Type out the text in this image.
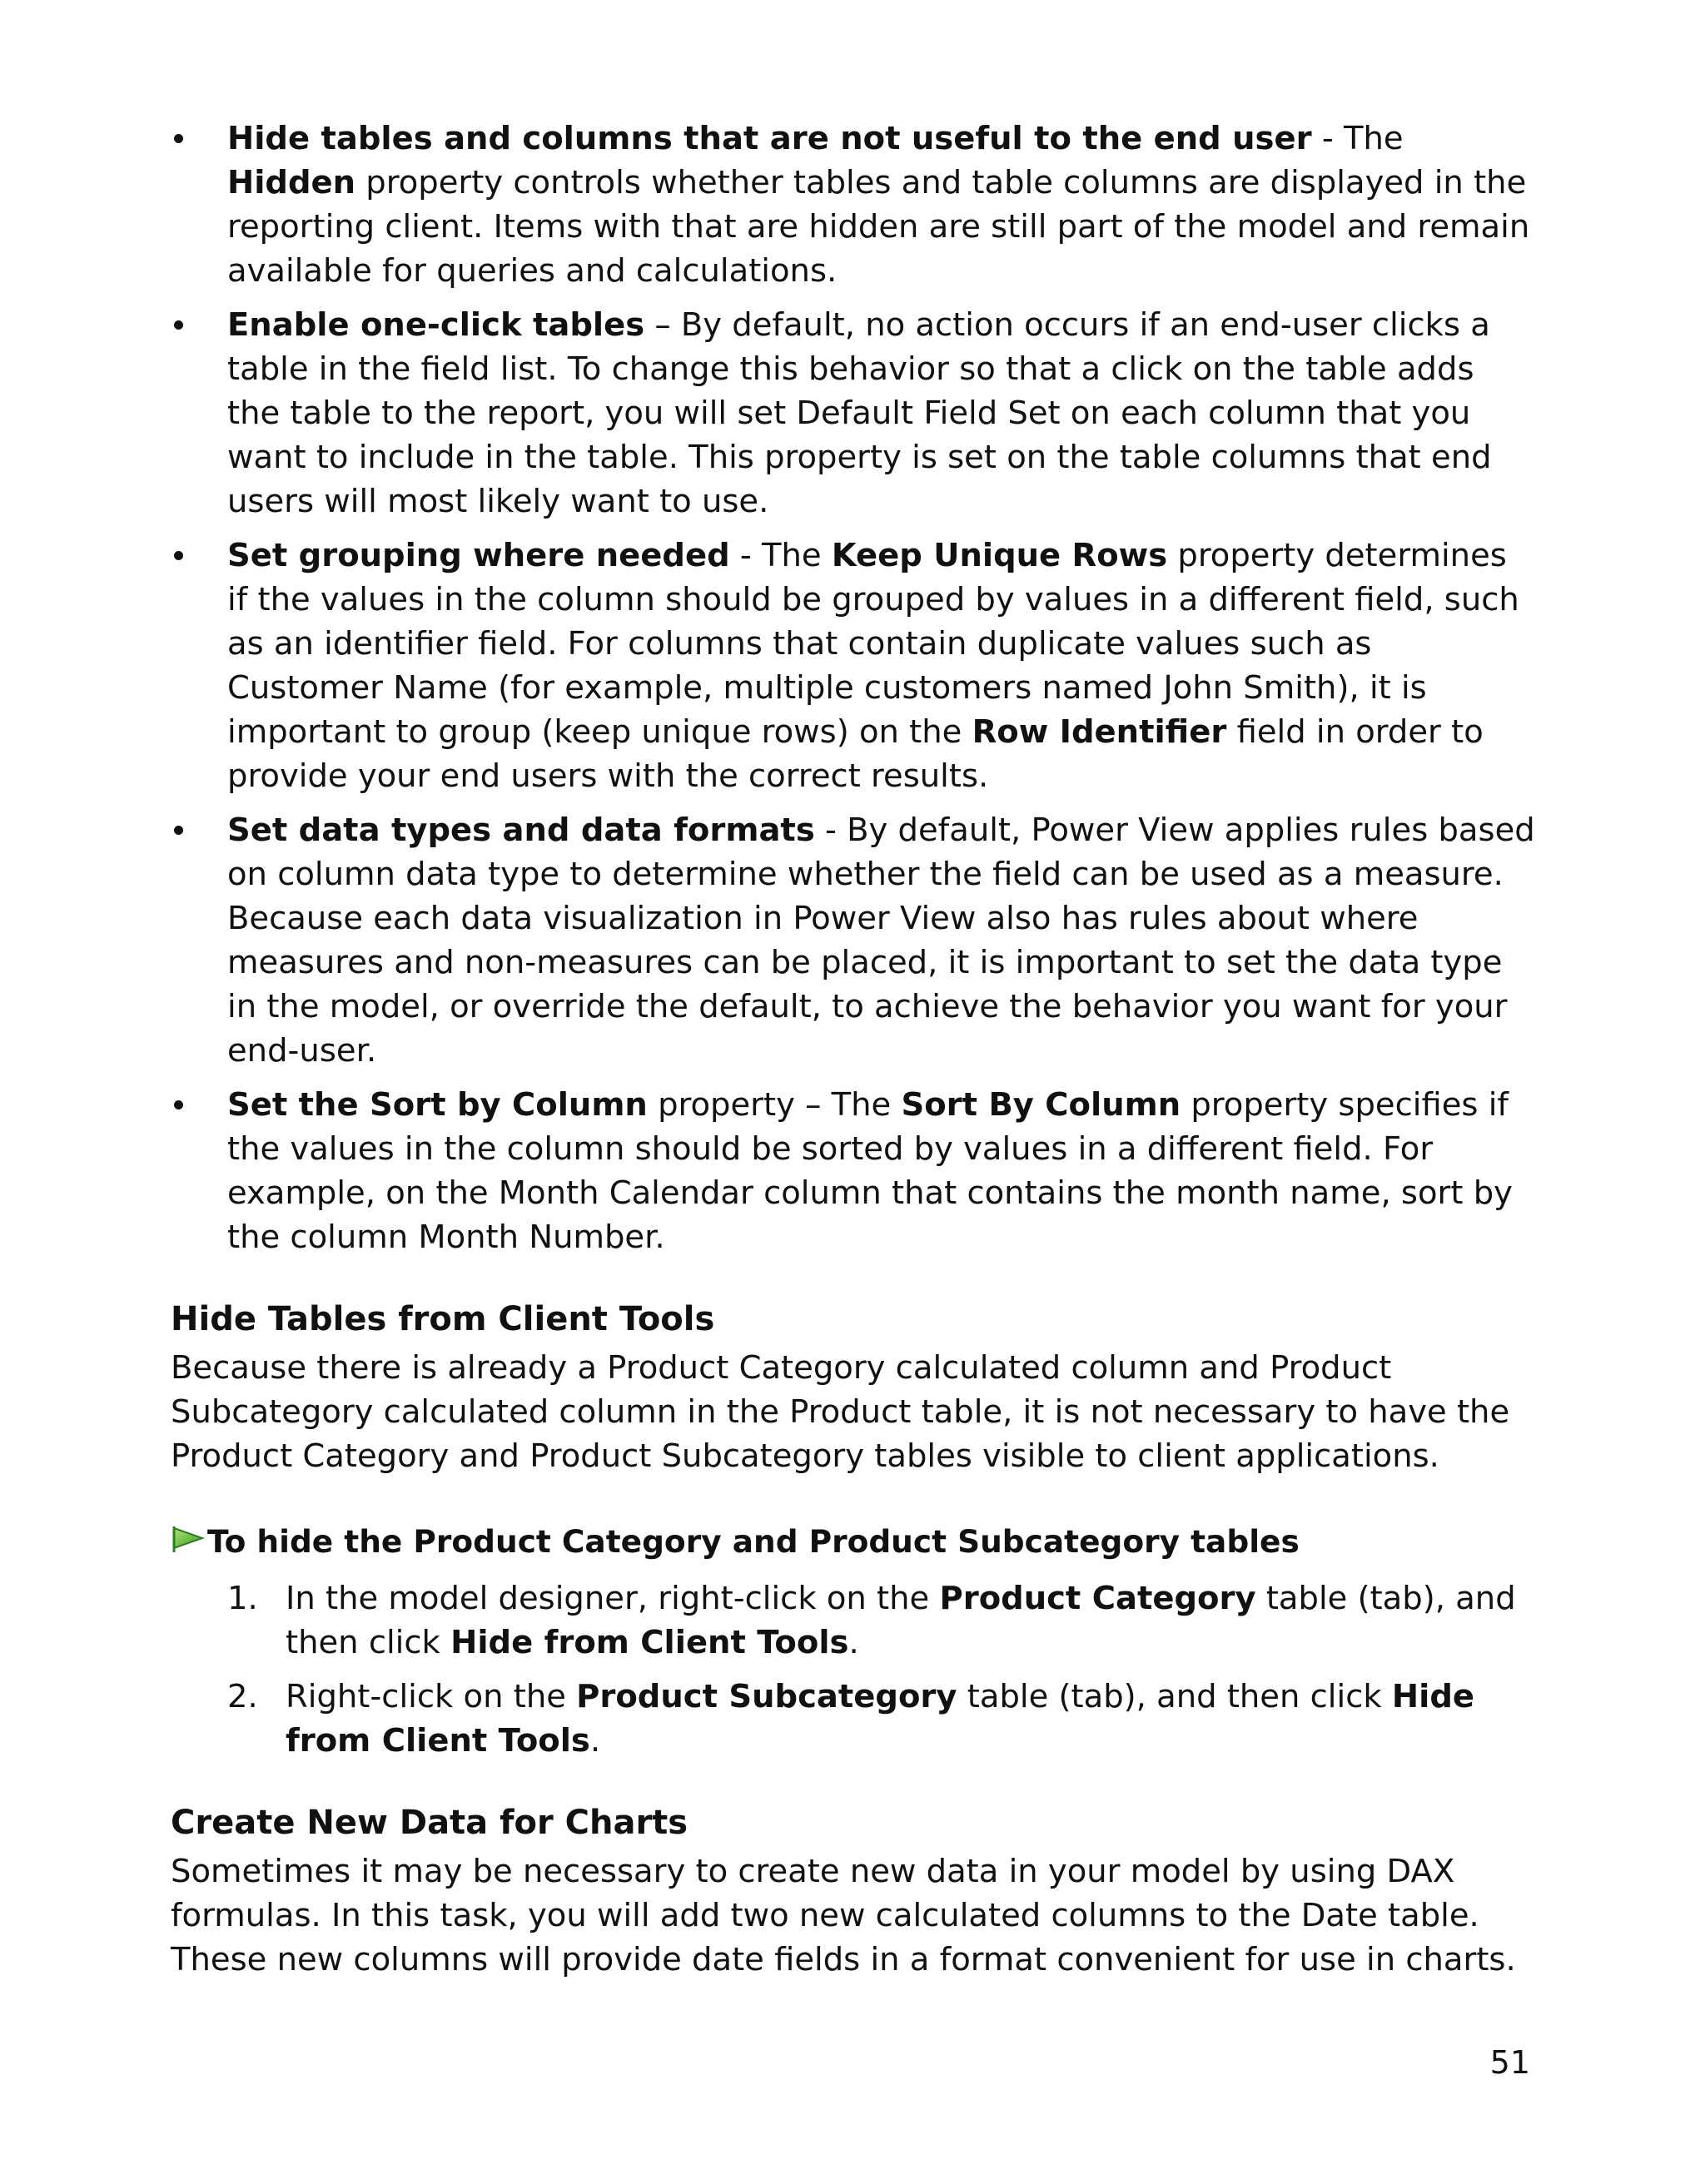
Hide tables and columns that are not useful to the end user - The Hidden property controls whether tables and table columns are displayed in the reporting client. Items with that are hidden are still part of the model and remain available for queries and calculations.
Enable one-click tables – By default, no action occurs if an end-user clicks a table in the field list. To change this behavior so that a click on the table adds the table to the report, you will set Default Field Set on each column that you want to include in the table. This property is set on the table columns that end users will most likely want to use.
Set grouping where needed - The Keep Unique Rows property determines if the values in the column should be grouped by values in a different field, such as an identifier field. For columns that contain duplicate values such as Customer Name (for example, multiple customers named John Smith), it is important to group (keep unique rows) on the Row Identifier field in order to provide your end users with the correct results.
Set data types and data formats - By default, Power View applies rules based on column data type to determine whether the field can be used as a measure. Because each data visualization in Power View also has rules about where measures and non-measures can be placed, it is important to set the data type in the model, or override the default, to achieve the behavior you want for your end-user.
Set the Sort by Column property – The Sort By Column property specifies if the values in the column should be sorted by values in a different field. For example, on the Month Calendar column that contains the month name, sort by the column Month Number.
Hide Tables from Client Tools

Because there is already a Product Category calculated column and Product Subcategory calculated column in the Product table, it is not necessary to have the Product Category and Product Subcategory tables visible to client applications.

To hide the Product Category and Product Subcategory tables
1. In the model designer, right-click on the Product Category table (tab), and then click Hide from Client Tools.
2. Right-click on the Product Subcategory table (tab), and then click Hide from Client Tools.
Create New Data for Charts

Sometimes it may be necessary to create new data in your model by using DAX formulas. In this task, you will add two new calculated columns to the Date table. These new columns will provide date fields in a format convenient for use in charts.

51
